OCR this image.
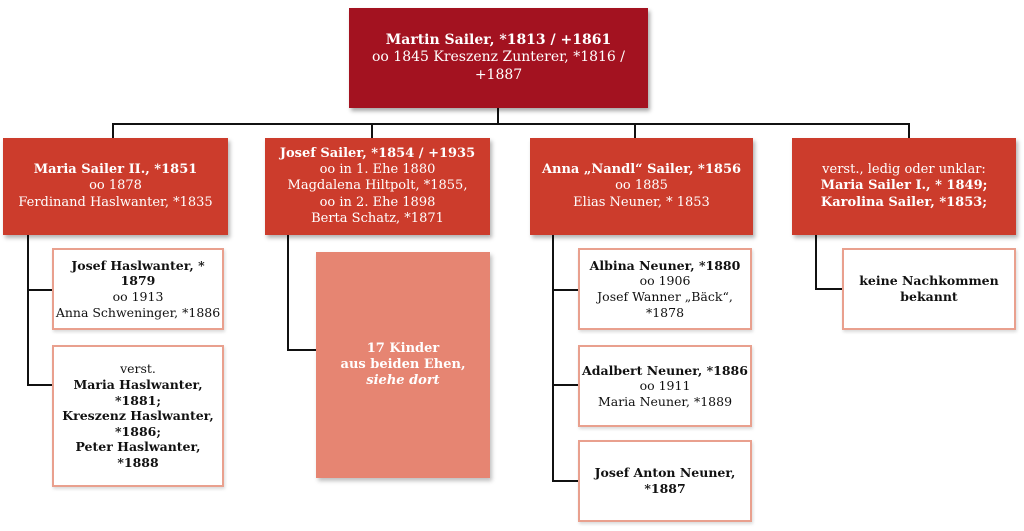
Martin Sailer, *1813 / +1861
oo 1845 Kreszenz Zunterer, *1816 / +1887
Maria Sailer II., *1851
oo 1878
Ferdinand Haslwanter, *1835
Josef Sailer, *1854 / +1935
oo in 1. Ehe 1880
Magdalena Hiltpolt, *1855,
oo in 2. Ehe 1898
Berta Schatz, *1871
Anna „Nandl“ Sailer, *1856
oo 1885
Elias Neuner, * 1853
verst., ledig oder unklar:
Maria Sailer I., * 1849;
Karolina Sailer, *1853;
Josef Haslwanter, * 1879
oo 1913
Anna Schweninger, *1886
verst.
Maria Haslwanter,
*1881;
Kreszenz Haslwanter,
*1886;
Peter Haslwanter,
*1888
17 Kinder
aus beiden Ehen,
siehe dort
Albina Neuner, *1880
oo 1906
Josef Wanner „Bäck“,
*1878
Adalbert Neuner, *1886
oo 1911
Maria Neuner, *1889
Josef Anton Neuner,
*1887
keine Nachkommen
bekannt
